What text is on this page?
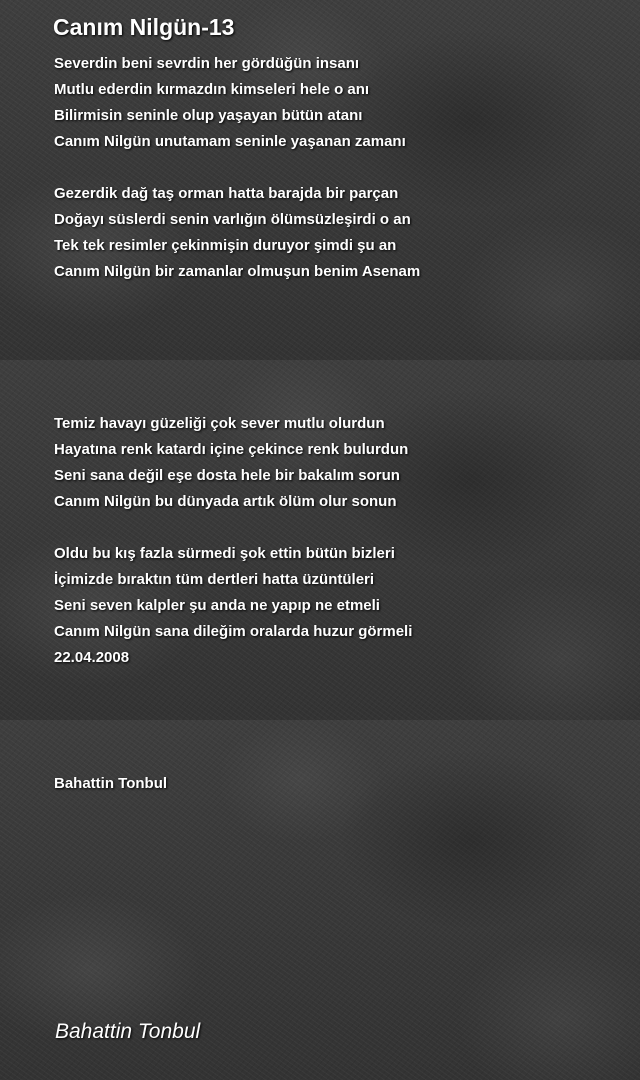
Canım Nilgün-13
Severdin beni sevrdin her gördüğün insanı
Mutlu ederdin kırmazdın kimseleri hele o anı
Bilirmisin seninle olup yaşayan bütün atanı
Canım Nilgün unutamam seninle yaşanan zamanı
Gezerdik dağ taş orman hatta barajda bir parçan
Doğayı süslerdi senin varlığın ölümsüzleşirdi o an
Tek tek resimler çekinmişin duruyor şimdi şu an
Canım Nilgün bir zamanlar olmuşun benim Asenam
Temiz havayı güzeliği çok sever mutlu olurdun
Hayatına renk katardı içine çekince renk bulurdun
Seni sana değil eşe dosta hele bir bakalım sorun
Canım Nilgün bu dünyada artık ölüm olur sonun
Oldu bu kış fazla sürmedi şok ettin bütün bizleri
İçimizde bıraktın tüm dertleri hatta üzüntüleri
Seni seven kalpler şu anda ne yapıp ne etmeli
Canım Nilgün sana dileğim oralarda huzur görmeli
22.04.2008
Bahattin Tonbul
Bahattin Tonbul
